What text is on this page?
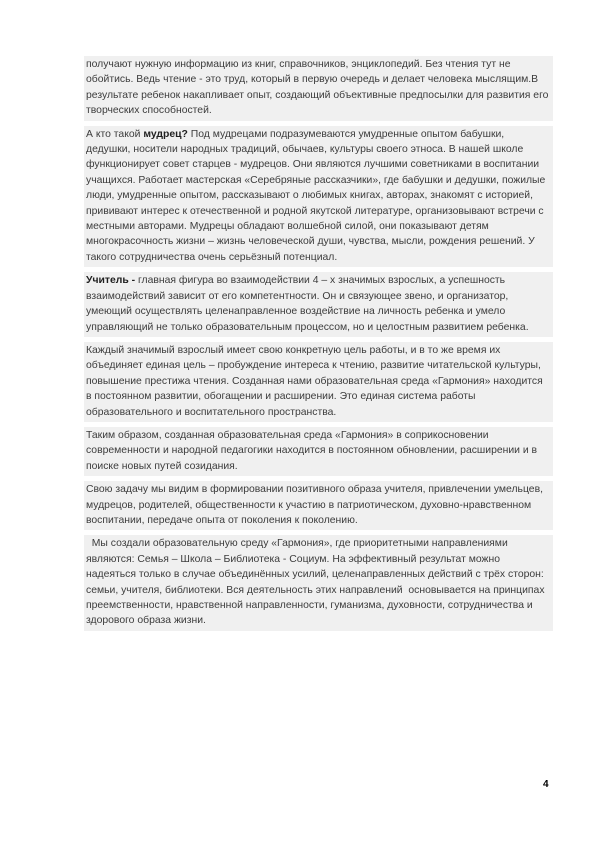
получают нужную информацию из книг, справочников, энциклопедий. Без чтения тут не обойтись. Ведь чтение - это труд, который в первую очередь и делает человека мыслящим.В результате ребенок накапливает опыт, создающий объективные предпосылки для развития его творческих способностей.

А кто такой мудрец? Под мудрецами подразумеваются умудренные опытом бабушки, дедушки, носители народных традиций, обычаев, культуры своего этноса. В нашей школе функционирует совет старцев - мудрецов. Они являются лучшими советниками в воспитании учащихся. Работает мастерская «Серебряные рассказчики», где бабушки и дедушки, пожилые люди, умудренные опытом, рассказывают о любимых книгах, авторах, знакомят с историей, прививают интерес к отечественной и родной якутской литературе, организовывают встречи с местными авторами. Мудрецы обладают волшебной силой, они показывают детям многокрасочность жизни – жизнь человеческой души, чувства, мысли, рождения решений. У такого сотрудничества очень серьёзный потенциал.

Учитель - главная фигура во взаимодействии 4 – х значимых взрослых, а успешность взаимодействий зависит от его компетентности. Он и связующее звено, и организатор, умеющий осуществлять целенаправленное воздействие на личность ребенка и умело управляющий не только образовательным процессом, но и целостным развитием ребенка.

Каждый значимый взрослый имеет свою конкретную цель работы, и в то же время их объединяет единая цель – пробуждение интереса к чтению, развитие читательской культуры, повышение престижа чтения. Созданная нами образовательная среда «Гармония» находится в постоянном развитии, обогащении и расширении. Это единая система работы образовательного и воспитательного пространства.

Таким образом, созданная образовательная среда «Гармония» в соприкосновении современности и народной педагогики находится в постоянном обновлении, расширении и в поиске новых путей созидания.

Свою задачу мы видим в формировании позитивного образа учителя, привлечении умельцев, мудрецов, родителей, общественности к участию в патриотическом, духовно-нравственном воспитании, передаче опыта от поколения к поколению.

Мы создали образовательную среду «Гармония», где приоритетными направлениями являются: Семья – Школа – Библиотека - Социум. На эффективный результат можно надеяться только в случае объединённых усилий, целенаправленных действий с трёх сторон: семьи, учителя, библиотеки. Вся деятельность этих направлений  основывается на принципах преемственности, нравственной направленности, гуманизма, духовности, сотрудничества и здорового образа жизни.

4
